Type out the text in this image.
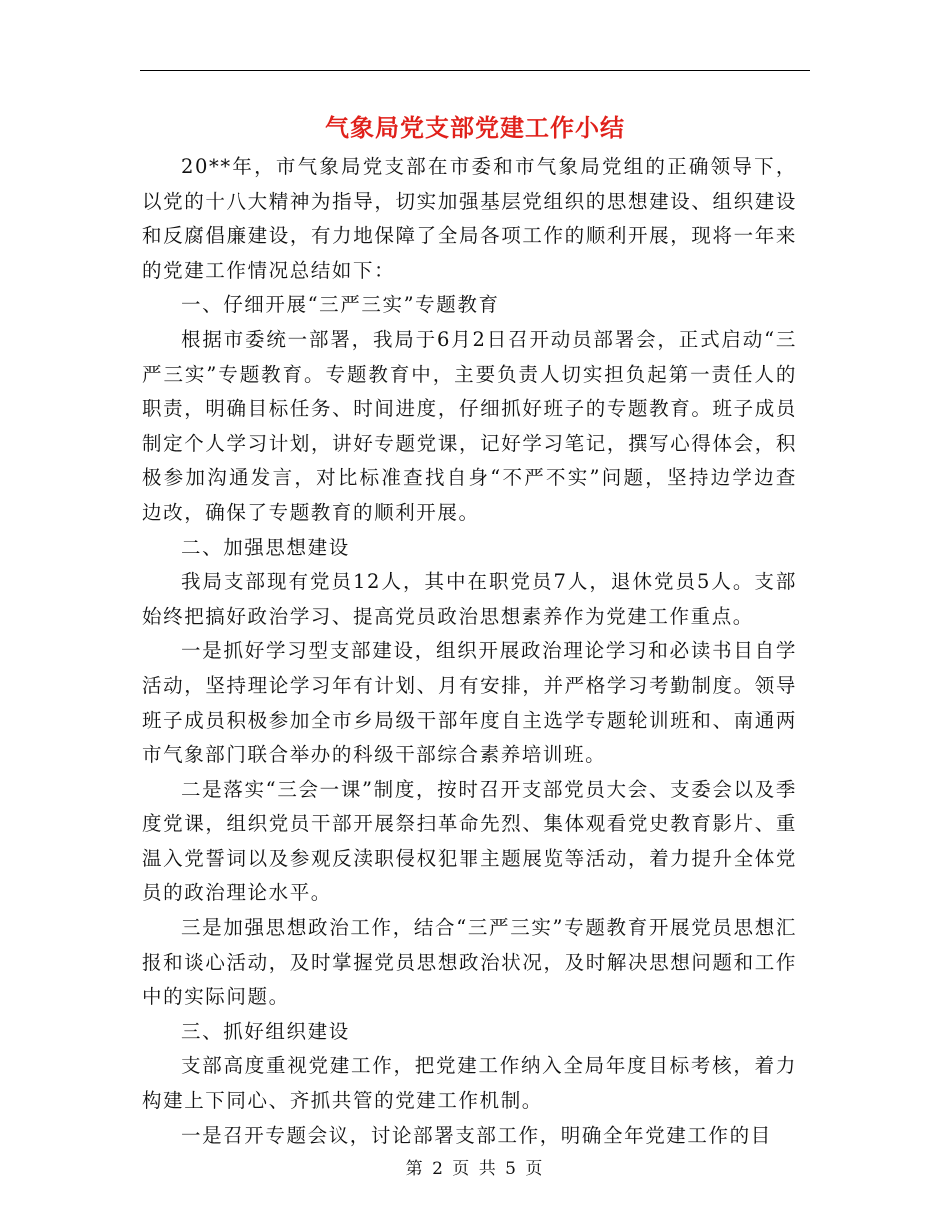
气象局党支部党建工作小结

20**年，市气象局党支部在市委和市气象局党组的正确领导下，以党的十八大精神为指导，切实加强基层党组织的思想建设、组织建设和反腐倡廉建设，有力地保障了全局各项工作的顺利开展，现将一年来的党建工作情况总结如下：

一、仔细开展“三严三实”专题教育

根据市委统一部署，我局于6月2日召开动员部署会，正式启动“三严三实”专题教育。专题教育中，主要负责人切实担负起第一责任人的职责，明确目标任务、时间进度，仔细抓好班子的专题教育。班子成员制定个人学习计划，讲好专题党课，记好学习笔记，撰写心得体会，积极参加沟通发言，对比标准查找自身“不严不实”问题，坚持边学边查边改，确保了专题教育的顺利开展。

二、加强思想建设

我局支部现有党员12人，其中在职党员7人，退休党员5人。支部始终把搞好政治学习、提高党员政治思想素养作为党建工作重点。

一是抓好学习型支部建设，组织开展政治理论学习和必读书目自学活动，坚持理论学习年有计划、月有安排，并严格学习考勤制度。领导班子成员积极参加全市乡局级干部年度自主选学专题轮训班和、南通两市气象部门联合举办的科级干部综合素养培训班。

二是落实“三会一课”制度，按时召开支部党员大会、支委会以及季度党课，组织党员干部开展祭扫革命先烈、集体观看党史教育影片、重温入党誓词以及参观反渎职侵权犯罪主题展览等活动，着力提升全体党员的政治理论水平。

三是加强思想政治工作，结合“三严三实”专题教育开展党员思想汇报和谈心活动，及时掌握党员思想政治状况，及时解决思想问题和工作中的实际问题。

三、抓好组织建设

支部高度重视党建工作，把党建工作纳入全局年度目标考核，着力构建上下同心、齐抓共管的党建工作机制。

一是召开专题会议，讨论部署支部工作，明确全年党建工作的目

第 2 页 共 5 页
